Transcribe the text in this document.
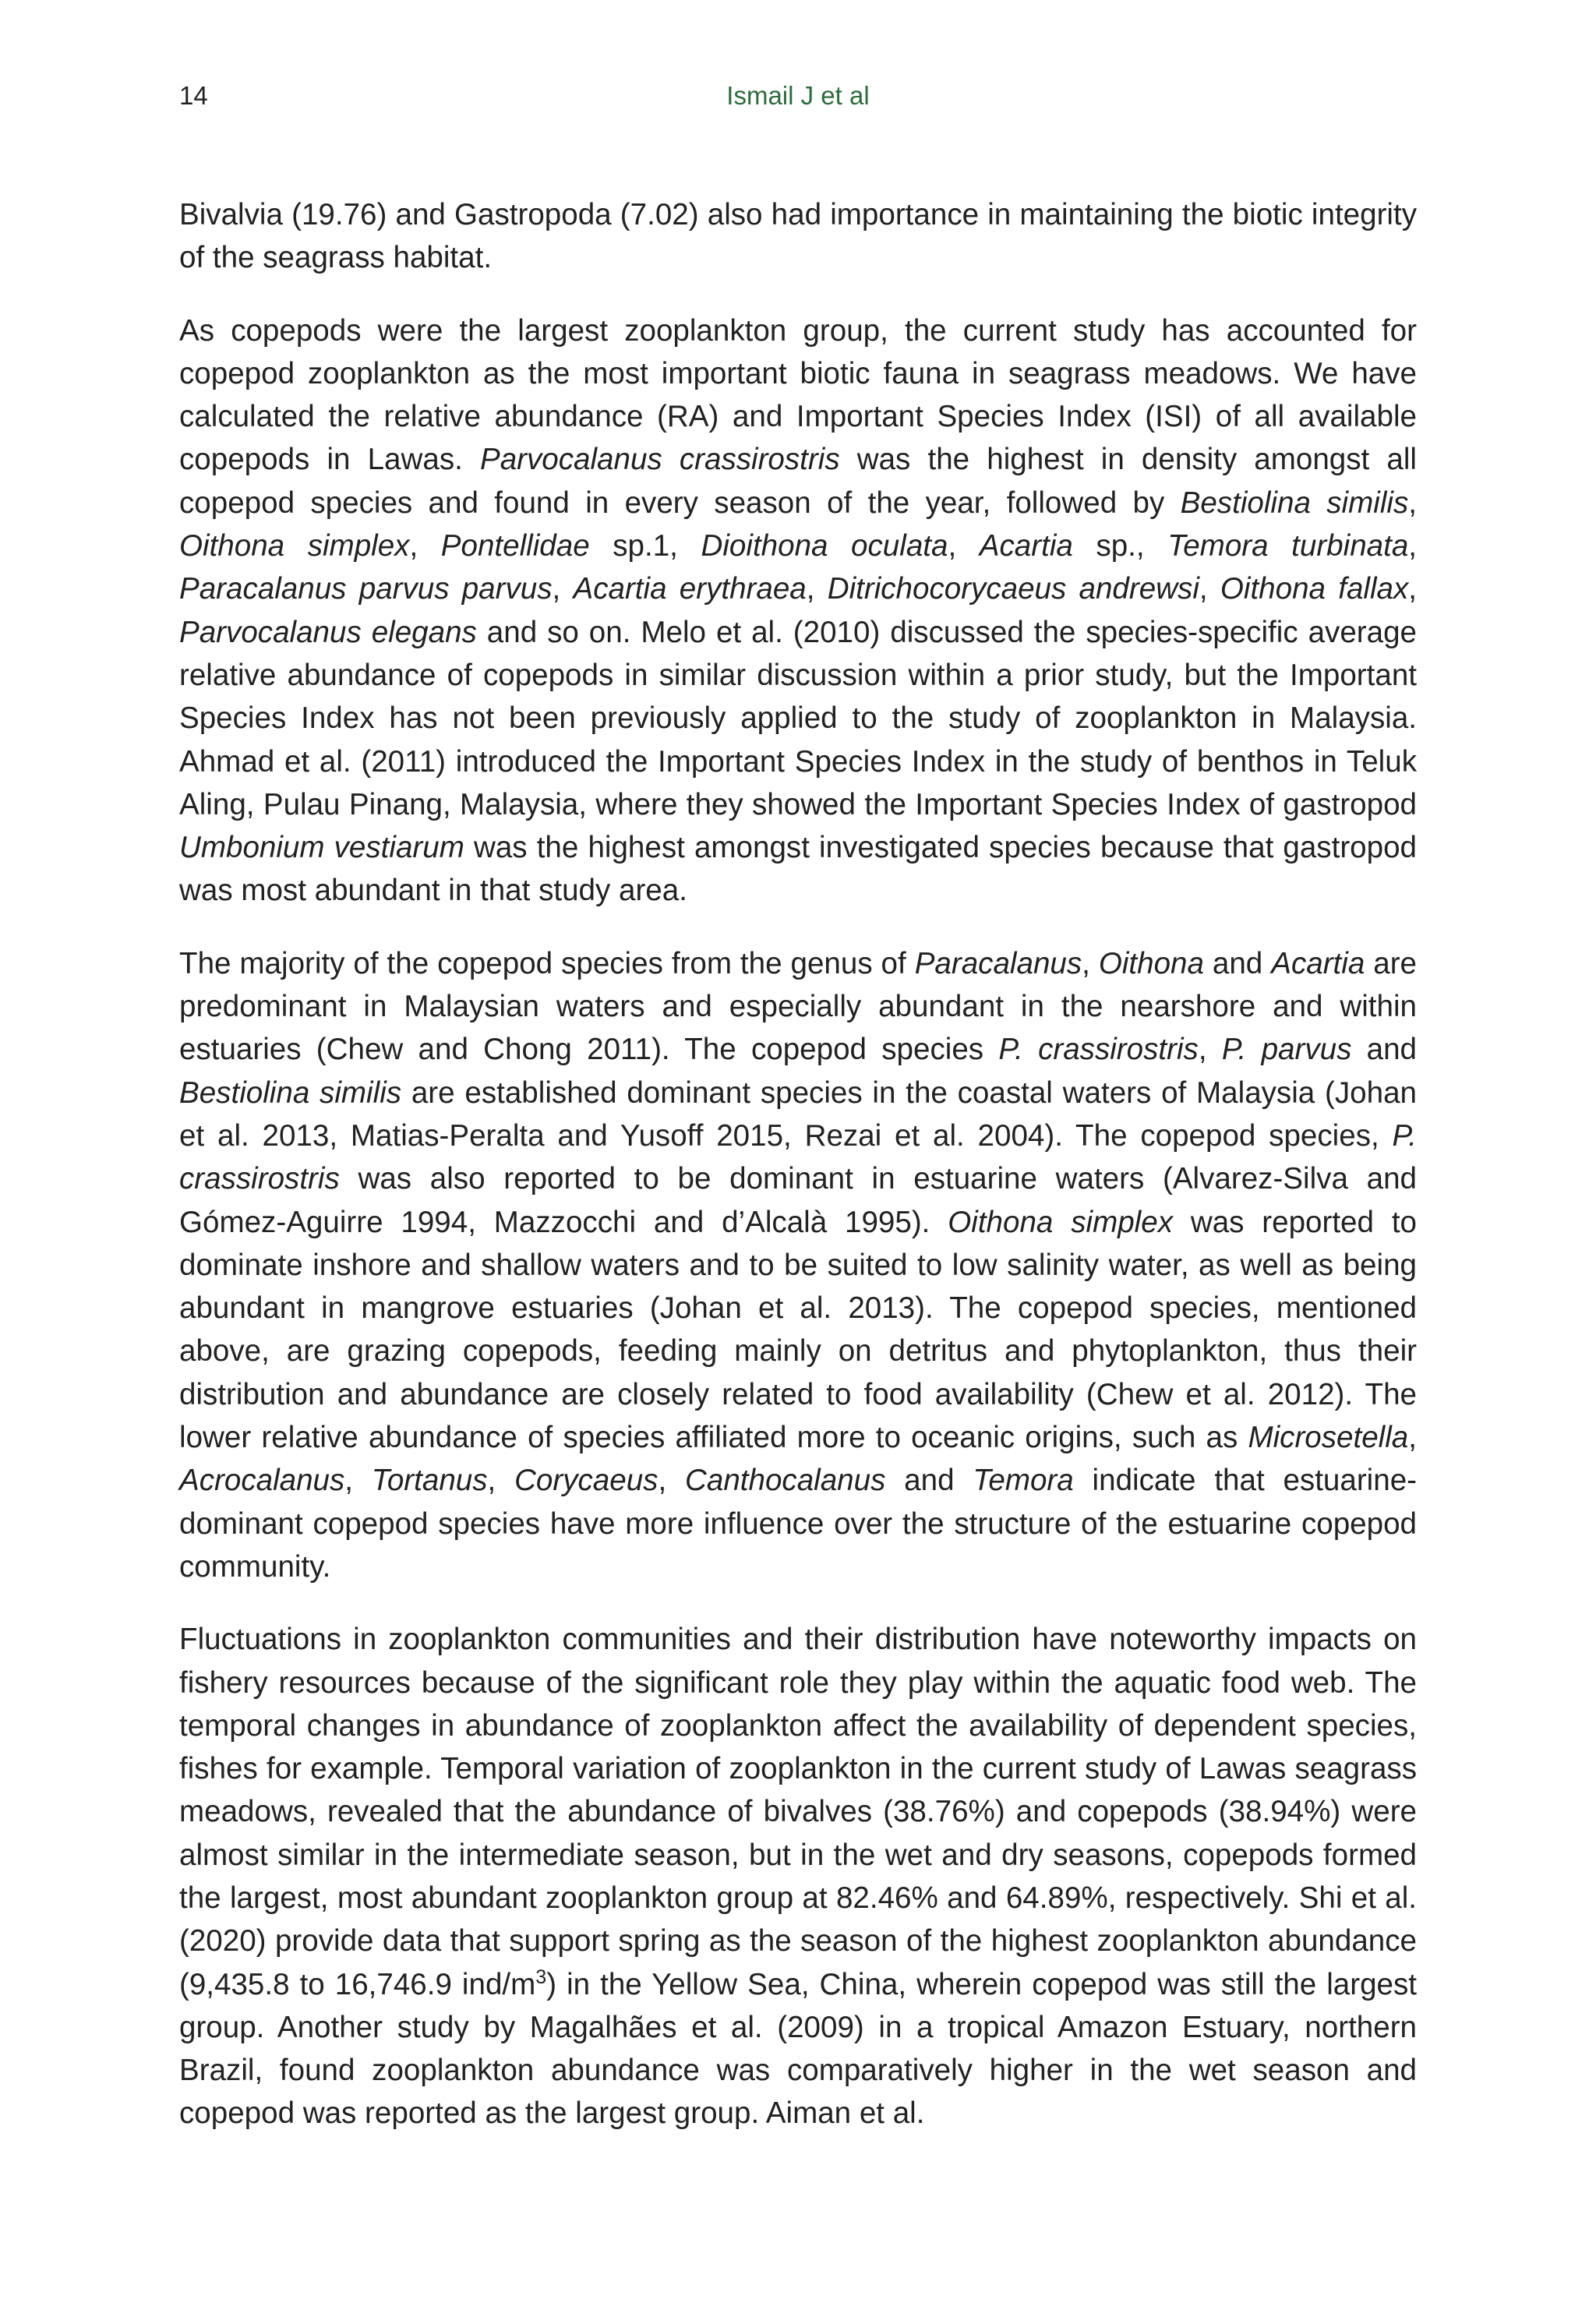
14	Ismail J et al

Bivalvia (19.76) and Gastropoda (7.02) also had importance in maintaining the biotic integrity of the seagrass habitat.

As copepods were the largest zooplankton group, the current study has accounted for copepod zooplankton as the most important biotic fauna in seagrass meadows. We have calculated the relative abundance (RA) and Important Species Index (ISI) of all available copepods in Lawas. Parvocalanus crassirostris was the highest in density amongst all copepod species and found in every season of the year, followed by Bestiolina similis, Oithona simplex, Pontellidae sp.1, Dioithona oculata, Acartia sp., Temora turbinata, Paracalanus parvus parvus, Acartia erythraea, Ditrichocorycaeus andrewsi, Oithona fallax, Parvocalanus elegans and so on. Melo et al. (2010) discussed the species-specific average relative abundance of copepods in similar discussion within a prior study, but the Important Species Index has not been previously applied to the study of zooplankton in Malaysia. Ahmad et al. (2011) introduced the Important Species Index in the study of benthos in Teluk Aling, Pulau Pinang, Malaysia, where they showed the Important Species Index of gastropod Umbonium vestiarum was the highest amongst investigated species because that gastropod was most abundant in that study area.

The majority of the copepod species from the genus of Paracalanus, Oithona and Acartia are predominant in Malaysian waters and especially abundant in the nearshore and within estuaries (Chew and Chong 2011). The copepod species P. crassirostris, P. parvus and Bestiolina similis are established dominant species in the coastal waters of Malaysia (Johan et al. 2013, Matias-Peralta and Yusoff 2015, Rezai et al. 2004). The copepod species, P. crassirostris was also reported to be dominant in estuarine waters (Alvarez-Silva and Gómez-Aguirre 1994, Mazzocchi and d’Alcalà 1995). Oithona simplex was reported to dominate inshore and shallow waters and to be suited to low salinity water, as well as being abundant in mangrove estuaries (Johan et al. 2013). The copepod species, mentioned above, are grazing copepods, feeding mainly on detritus and phytoplankton, thus their distribution and abundance are closely related to food availability (Chew et al. 2012). The lower relative abundance of species affiliated more to oceanic origins, such as Microsetella, Acrocalanus, Tortanus, Corycaeus, Canthocalanus and Temora indicate that estuarine-dominant copepod species have more influence over the structure of the estuarine copepod community.

Fluctuations in zooplankton communities and their distribution have noteworthy impacts on fishery resources because of the significant role they play within the aquatic food web. The temporal changes in abundance of zooplankton affect the availability of dependent species, fishes for example. Temporal variation of zooplankton in the current study of Lawas seagrass meadows, revealed that the abundance of bivalves (38.76%) and copepods (38.94%) were almost similar in the intermediate season, but in the wet and dry seasons, copepods formed the largest, most abundant zooplankton group at 82.46% and 64.89%, respectively. Shi et al. (2020) provide data that support spring as the season of the highest zooplankton abundance (9,435.8 to 16,746.9 ind/$m^3$) in the Yellow Sea, China, wherein copepod was still the largest group. Another study by Magalhães et al. (2009) in a tropical Amazon Estuary, northern Brazil, found zooplankton abundance was comparatively higher in the wet season and copepod was reported as the largest group. Aiman et al.
